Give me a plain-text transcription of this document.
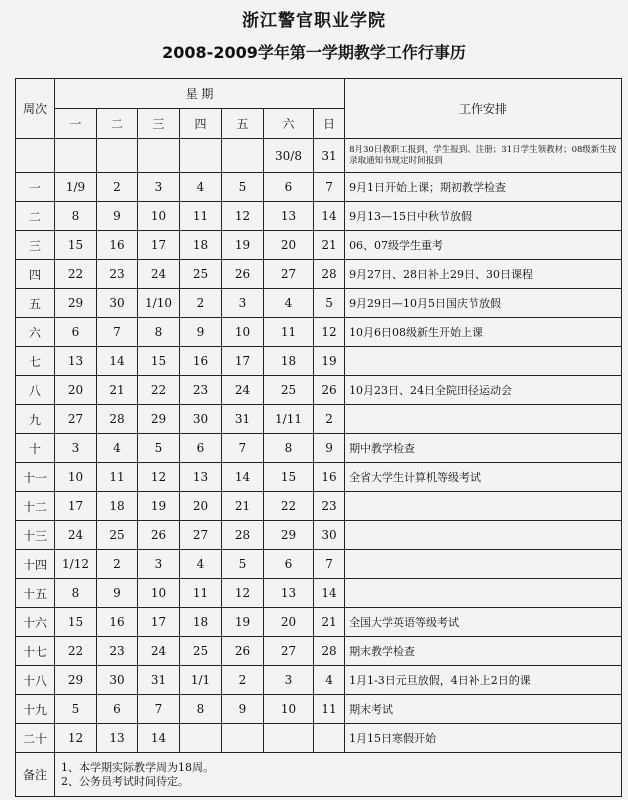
浙江警官职业学院
2008-2009学年第一学期教学工作行事历
周次	星 期							工作安排
	一	二	三	四	五	六	日	
						30/8	31	8月30日教职工报到，学生报到、注册；31日学生领教材；08级新生按录取通知书规定时间报到
一	1/9	2	3	4	5	6	7	9月1日开始上课；期初教学检查
二	8	9	10	11	12	13	14	9月13—15日中秋节放假
三	15	16	17	18	19	20	21	06、07级学生重考
四	22	23	24	25	26	27	28	9月27日、28日补上29日、30日课程
五	29	30	1/10	2	3	4	5	9月29日—10月5日国庆节放假
六	6	7	8	9	10	11	12	10月6日08级新生开始上课
七	13	14	15	16	17	18	19	
八	20	21	22	23	24	25	26	10月23日、24日全院田径运动会
九	27	28	29	30	31	1/11	2	
十	3	4	5	6	7	8	9	期中教学检查
十一	10	11	12	13	14	15	16	全省大学生计算机等级考试
十二	17	18	19	20	21	22	23	
十三	24	25	26	27	28	29	30	
十四	1/12	2	3	4	5	6	7	
十五	8	9	10	11	12	13	14	
十六	15	16	17	18	19	20	21	全国大学英语等级考试
十七	22	23	24	25	26	27	28	期末教学检查
十八	29	30	31	1/1	2	3	4	1月1-3日元旦放假，4日补上2日的课
十九	5	6	7	8	9	10	11	期末考试
二十	12	13	14					1月15日寒假开始
备注	1、本学期实际教学周为18周。
2、公务员考试时间待定。							
